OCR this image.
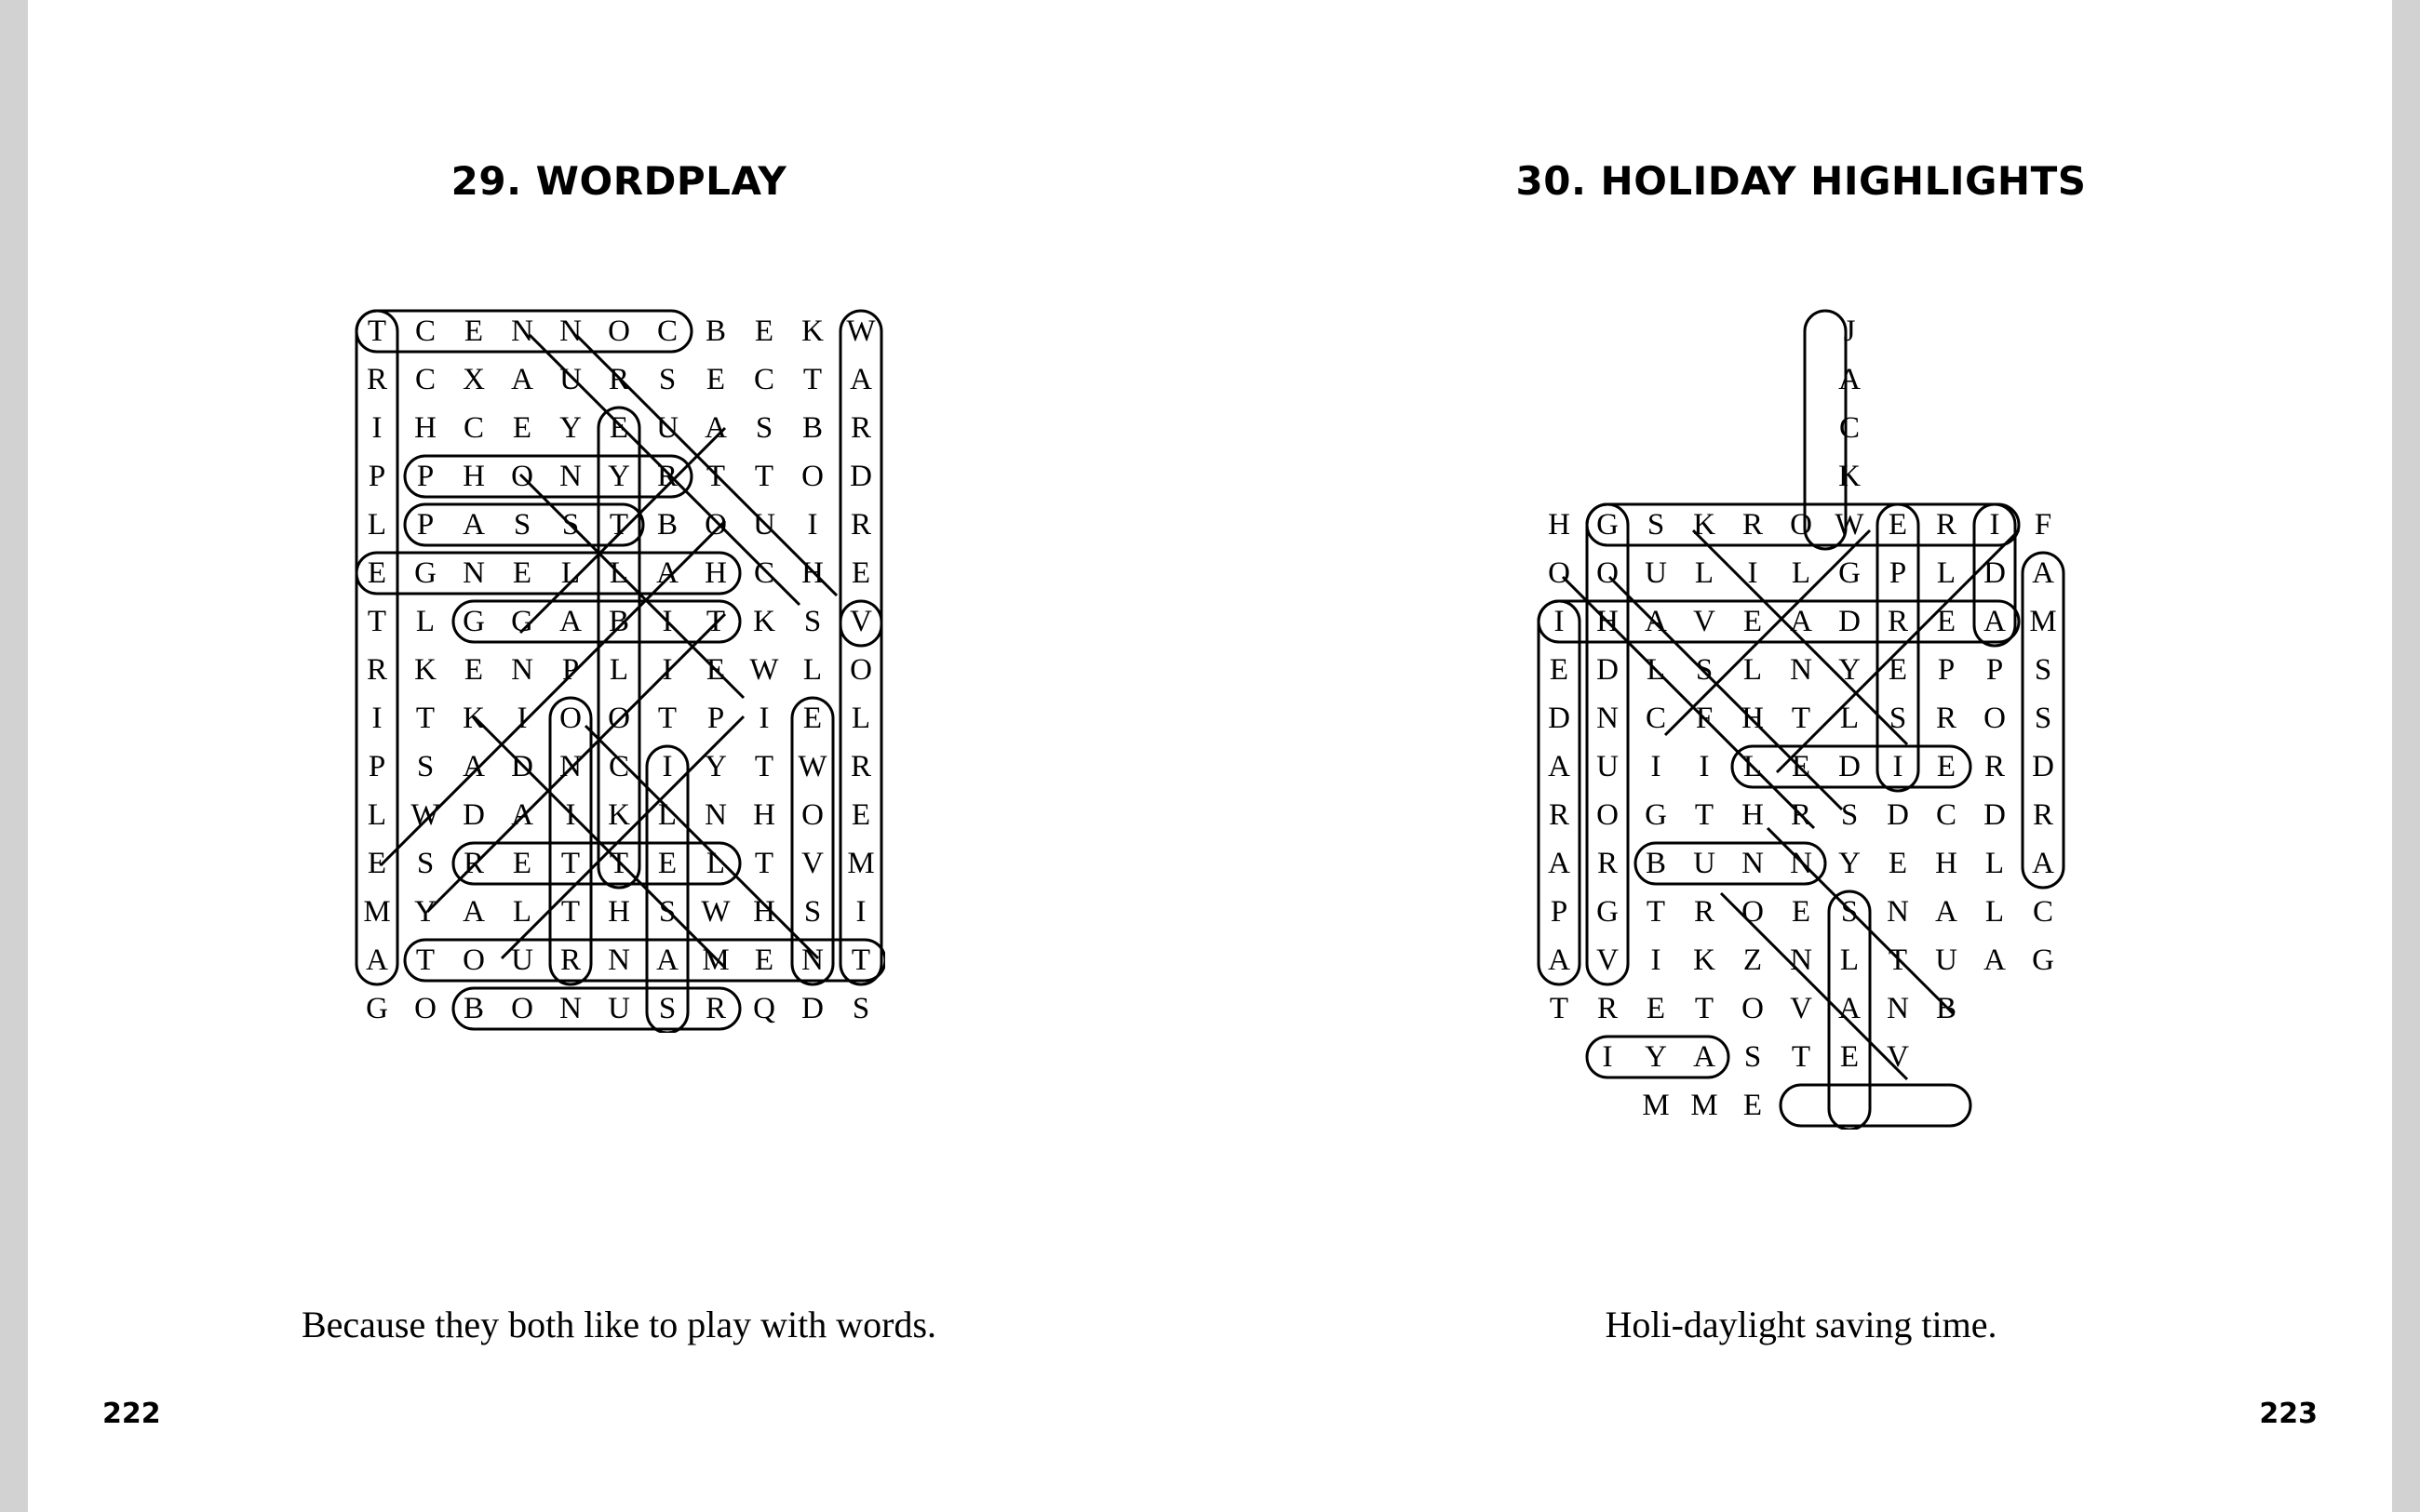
29. WORDPLAY
T	C	E	N	N	O	C	B	E	K	W
R	C	X	A	U	R	S	E	C	T	A
I	H	C	E	Y	E	U	A	S	B	R
P	P	H	O	N	Y	R	T	T	O	D
L	P	A	S	S	T	B	O	U	I	R
E	G	N	E	L	L	A	H	C	H	E
T	L	G	G	A	B	I	T	K	S	V
R	K	E	N	P	L	I	E	W	L	O
I	T	K	I	O	O	T	P	I	E	L
P	S	A	D	N	C	I	Y	T	W	R
L	W	D	A	I	K	L	N	H	O	E
E	S	R	E	T	T	E	L	T	V	M
M	Y	A	L	T	H	S	W	H	S	I
A	T	O	U	R	N	A	M	E	N	T
G	O	B	O	N	U	S	R	Q	D	S
Because they both like to play with words.
222
30. HOLIDAY HIGHLIGHTS
						J				
						A				
						C				
						K				
H	G	S	K	R	O	W	E	R	I	F
O	O	U	L	I	L	G	P	L	D	A
I	H	A	V	E	A	D	R	E	A	M
E	D	L	S	L	N	Y	E	P	P	S
D	N	C	F	H	T	L	S	R	O	S
A	U	I	I	L	E	D	I	E	R	D
R	O	G	T	H	R	S	D	C	D	R
A	R	B	U	N	N	Y	E	H	L	A
P	G	T	R	O	E	S	N	A	L	C
A	V	I	K	Z	N	L	T	U	A	G
T	R	E	T	O	V	A	N	B		
	I	Y	A	S	T	E	V			
		M	M	E						
Holi-daylight saving time.
223
